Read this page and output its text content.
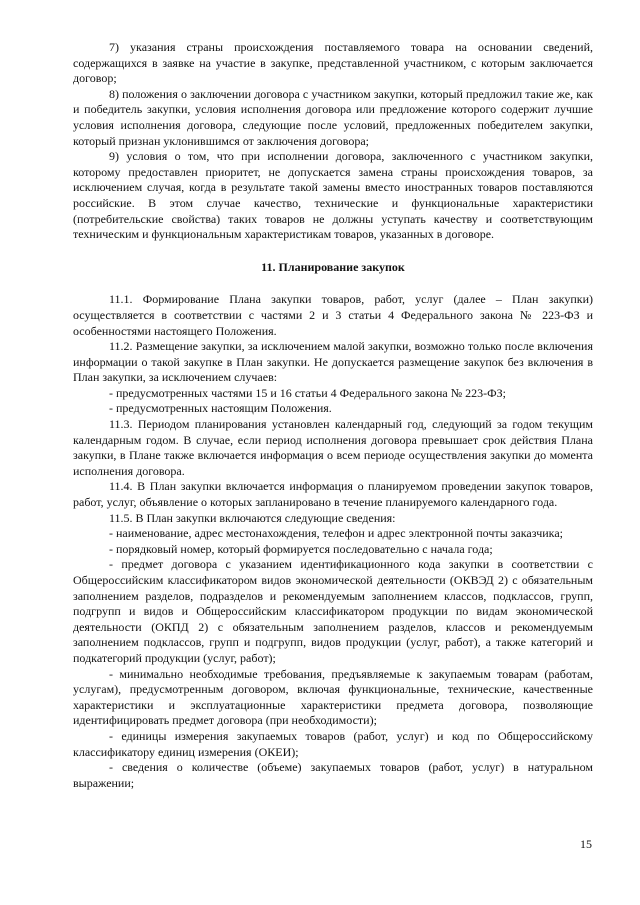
7) указания страны происхождения поставляемого товара на основании сведений, содержащихся в заявке на участие в закупке, представленной участником, с которым заключается договор;

8) положения о заключении договора с участником закупки, который предложил такие же, как и победитель закупки, условия исполнения договора или предложение которого содержит лучшие условия исполнения договора, следующие после условий, предложенных победителем закупки, который признан уклонившимся от заключения договора;

9) условия о том, что при исполнении договора, заключенного с участником закупки, которому предоставлен приоритет, не допускается замена страны происхождения товаров, за исключением случая, когда в результате такой замены вместо иностранных товаров поставляются российские. В этом случае качество, технические и функциональные характеристики (потребительские свойства) таких товаров не должны уступать качеству и соответствующим техническим и функциональным характеристикам товаров, указанных в договоре.

11. Планирование закупок

11.1. Формирование Плана закупки товаров, работ, услуг (далее – План закупки) осуществляется в соответствии с частями 2 и 3 статьи 4 Федерального закона № 223-ФЗ и особенностями настоящего Положения.

11.2. Размещение закупки, за исключением малой закупки, возможно только после включения информации о такой закупке в План закупки. Не допускается размещение закупок без включения в План закупки, за исключением случаев:

- предусмотренных частями 15 и 16 статьи 4 Федерального закона № 223-ФЗ;

- предусмотренных настоящим Положения.

11.3. Периодом планирования установлен календарный год, следующий за годом текущим календарным годом. В случае, если период исполнения договора превышает срок действия Плана закупки, в Плане также включается информация о всем периоде осуществления закупки до момента исполнения договора.

11.4. В План закупки включается информация о планируемом проведении закупок товаров, работ, услуг, объявление о которых запланировано в течение планируемого календарного года.

11.5. В План закупки включаются следующие сведения:

- наименование, адрес местонахождения, телефон и адрес электронной почты заказчика;

- порядковый номер, который формируется последовательно с начала года;

- предмет договора с указанием идентификационного кода закупки в соответствии с Общероссийским классификатором видов экономической деятельности (ОКВЭД 2) с обязательным заполнением разделов, подразделов и рекомендуемым заполнением классов, подклассов, групп, подгрупп и видов и Общероссийским классификатором продукции по видам экономической деятельности (ОКПД 2) с обязательным заполнением разделов, классов и рекомендуемым заполнением подклассов, групп и подгрупп, видов продукции (услуг, работ), а также категорий и подкатегорий продукции (услуг, работ);

- минимально необходимые требования, предъявляемые к закупаемым товарам (работам, услугам), предусмотренным договором, включая функциональные, технические, качественные характеристики и эксплуатационные характеристики предмета договора, позволяющие идентифицировать предмет договора (при необходимости);

- единицы измерения закупаемых товаров (работ, услуг) и код по Общероссийскому классификатору единиц измерения (ОКЕИ);

- сведения о количестве (объеме) закупаемых товаров (работ, услуг) в натуральном выражении;

15
